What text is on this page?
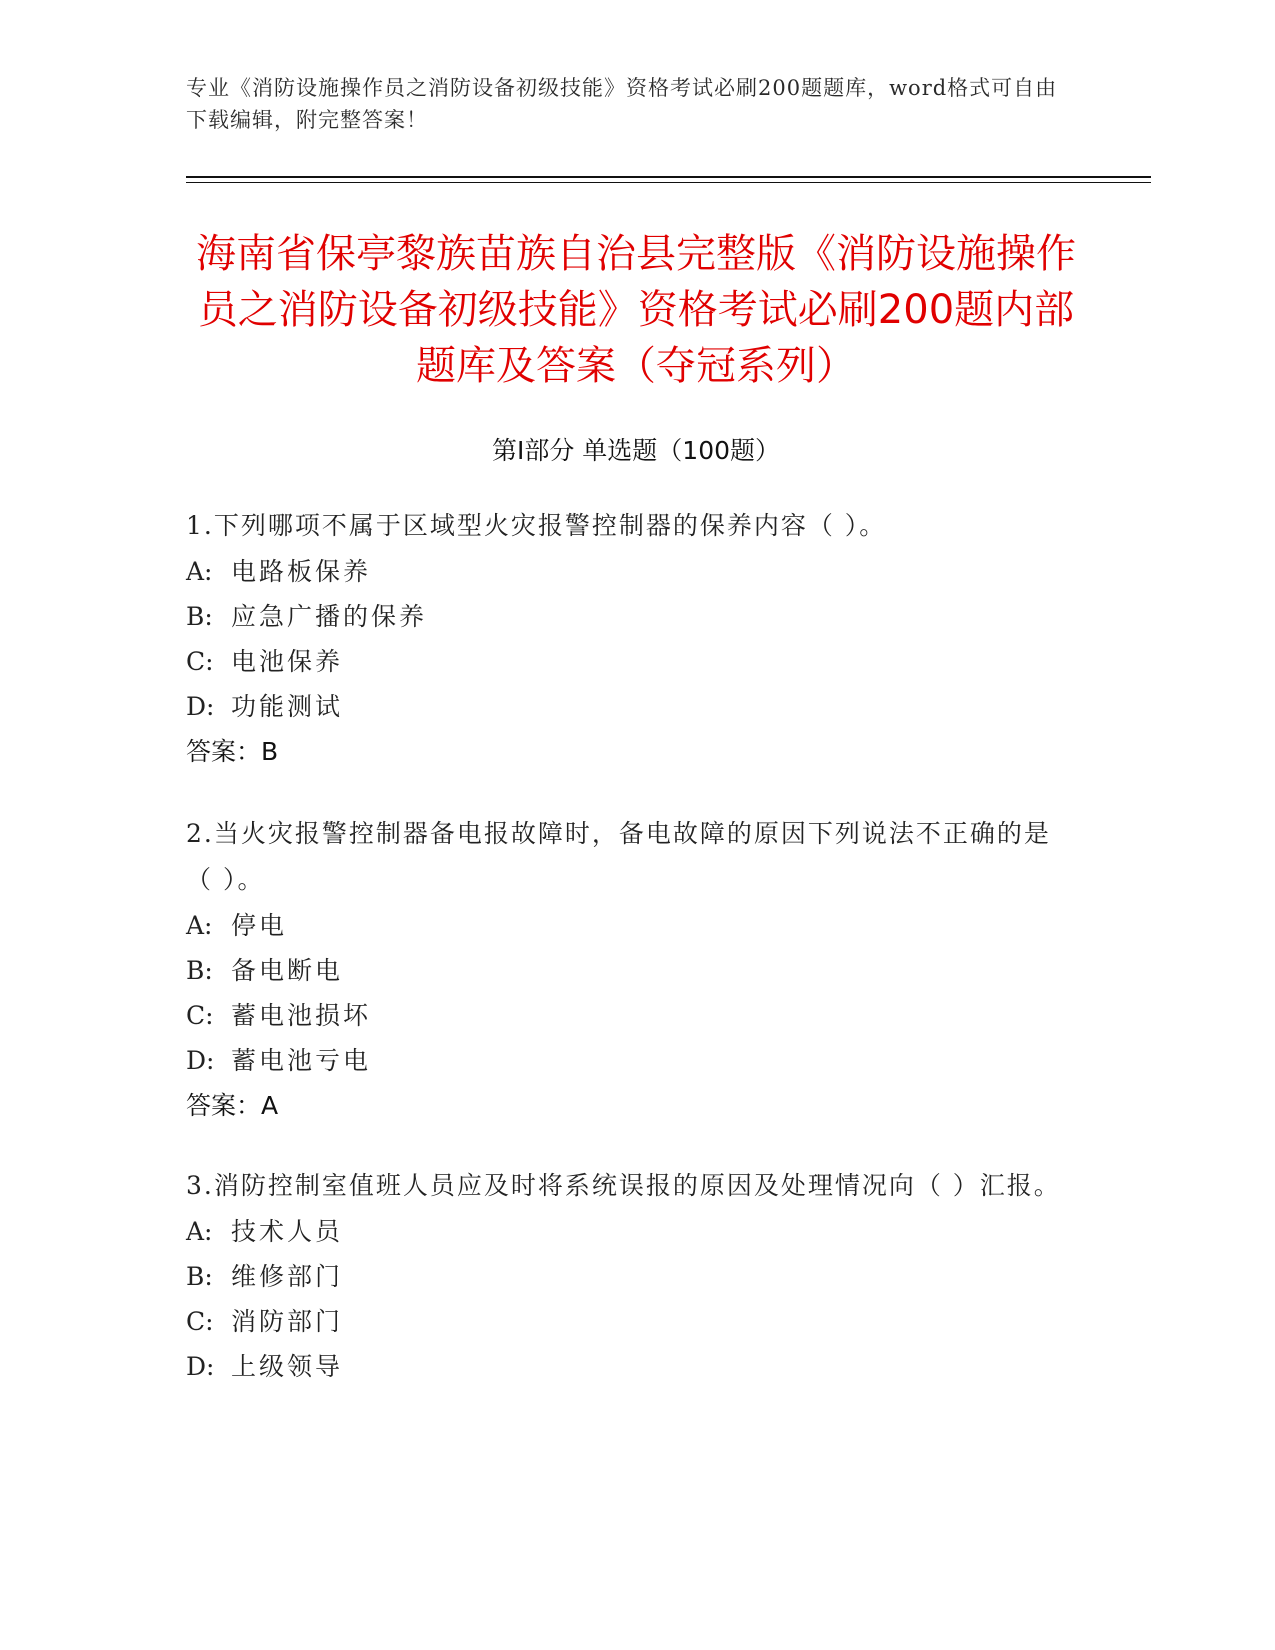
专业《消防设施操作员之消防设备初级技能》资格考试必刷200题题库，word格式可自由下载编辑，附完整答案！

海南省保亭黎族苗族自治县完整版《消防设施操作员之消防设备初级技能》资格考试必刷200题内部题库及答案（夺冠系列）
第Ⅰ部分 单选题（100题）

1.下列哪项不属于区域型火灾报警控制器的保养内容（ ）。

A: 电路板保养

B: 应急广播的保养

C: 电池保养

D: 功能测试

答案：B

2.当火灾报警控制器备电报故障时，备电故障的原因下列说法不正确的是（ ）。

A: 停电

B: 备电断电

C: 蓄电池损坏

D: 蓄电池亏电

答案：A

3.消防控制室值班人员应及时将系统误报的原因及处理情况向（ ）汇报。

A: 技术人员

B: 维修部门

C: 消防部门

D: 上级领导
